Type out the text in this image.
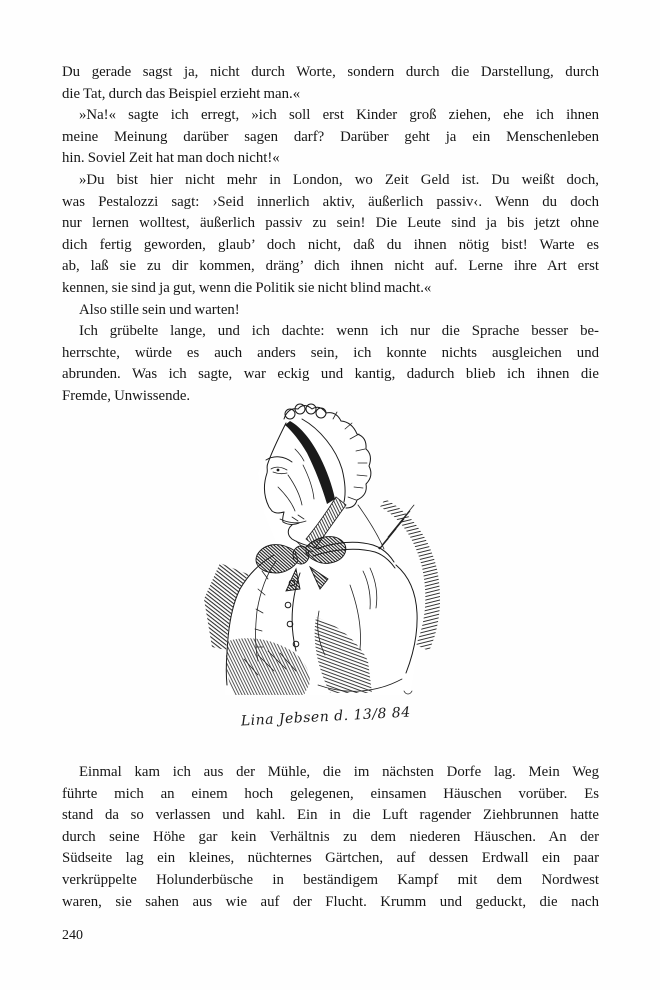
Du gerade sagst ja, nicht durch Worte, sondern durch die Darstellung, durch
die Tat, durch das Beispiel erzieht man.«
»Na!« sagte ich erregt, »ich soll erst Kinder groß ziehen, ehe ich ihnen
meine Meinung darüber sagen darf? Darüber geht ja ein Menschenleben
hin. Soviel Zeit hat man doch nicht!«
»Du bist hier nicht mehr in London, wo Zeit Geld ist. Du weißt doch,
was Pestalozzi sagt: ›Seid innerlich aktiv, äußerlich passiv‹. Wenn du doch
nur lernen wolltest, äußerlich passiv zu sein! Die Leute sind ja bis jetzt ohne
dich fertig geworden, glaub’ doch nicht, daß du ihnen nötig bist! Warte es
ab, laß sie zu dir kommen, dräng’ dich ihnen nicht auf. Lerne ihre Art erst
kennen, sie sind ja gut, wenn die Politik sie nicht blind macht.«
Also stille sein und warten!
Ich grübelte lange, und ich dachte: wenn ich nur die Sprache besser be-
herrschte, würde es auch anders sein, ich konnte nichts ausgleichen und
abrunden. Was ich sagte, war eckig und kantig, dadurch blieb ich ihnen die
Fremde, Unwissende.
Lina Jebsen d. 13/8 84
Einmal kam ich aus der Mühle, die im nächsten Dorfe lag. Mein Weg
führte mich an einem hoch gelegenen, einsamen Häuschen vorüber. Es
stand da so verlassen und kahl. Ein in die Luft ragender Ziehbrunnen hatte
durch seine Höhe gar kein Verhältnis zu dem niederen Häuschen. An der
Südseite lag ein kleines, nüchternes Gärtchen, auf dessen Erdwall ein paar
verkrüppelte Holunderbüsche in beständigem Kampf mit dem Nordwest
waren, sie sahen aus wie auf der Flucht. Krumm und geduckt, die nach
240
